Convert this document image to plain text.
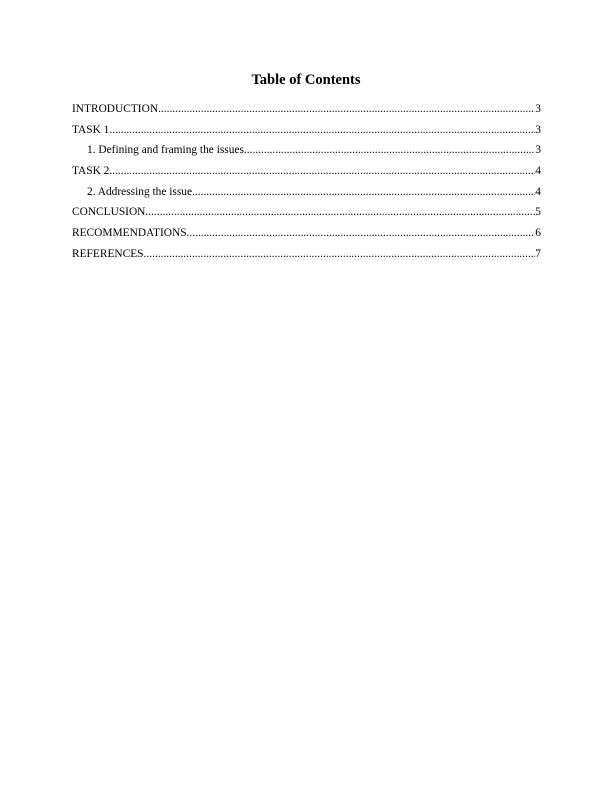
Table of Contents
INTRODUCTION .....	3
TASK 1 .....	3
1. Defining and framing the issues .....	3
TASK 2 .....	4
2. Addressing the issue .....	4
CONCLUSION .....	5
RECOMMENDATIONS .....	6
REFERENCES .....	7
